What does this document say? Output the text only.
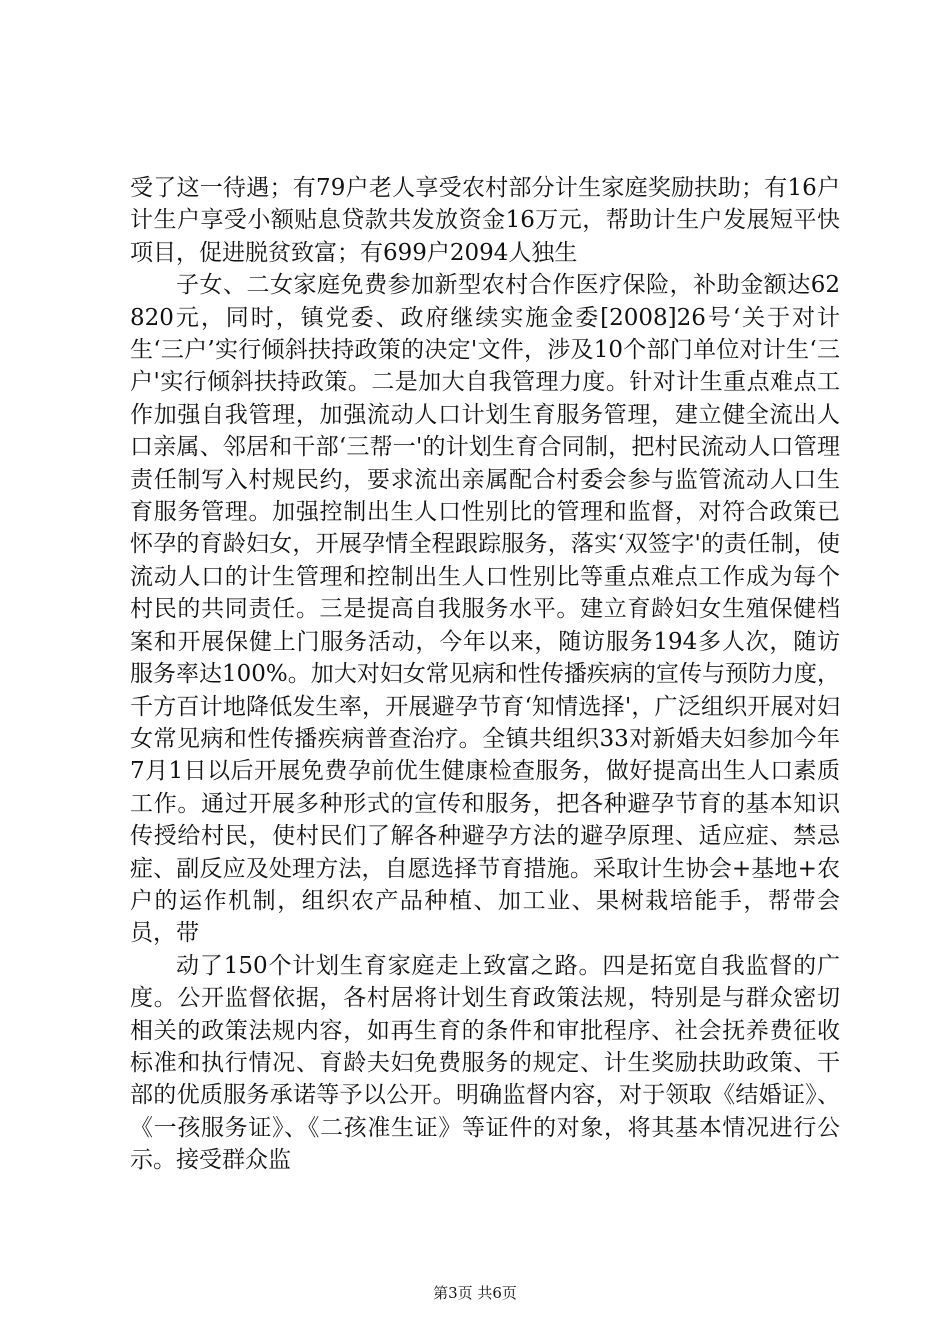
受了这一待遇；有79户老人享受农村部分计生家庭奖励扶助；有16户计生户享受小额贴息贷款共发放资金16万元，帮助计生户发展短平快项目，促进脱贫致富；有699户2094人独生

子女、二女家庭免费参加新型农村合作医疗保险，补助金额达62820元，同时，镇党委、政府继续实施金委[2008]26号‘关于对计生‘三户’实行倾斜扶持政策的决定'文件，涉及10个部门单位对计生‘三户'实行倾斜扶持政策。二是加大自我管理力度。针对计生重点难点工作加强自我管理，加强流动人口计划生育服务管理，建立健全流出人口亲属、邻居和干部‘三帮一'的计划生育合同制，把村民流动人口管理责任制写入村规民约，要求流出亲属配合村委会参与监管流动人口生育服务管理。加强控制出生人口性别比的管理和监督，对符合政策已怀孕的育龄妇女，开展孕情全程跟踪服务，落实‘双签字'的责任制，使流动人口的计生管理和控制出生人口性别比等重点难点工作成为每个村民的共同责任。三是提高自我服务水平。建立育龄妇女生殖保健档案和开展保健上门服务活动，今年以来，随访服务194多人次，随访服务率达100%。加大对妇女常见病和性传播疾病的宣传与预防力度，千方百计地降低发生率，开展避孕节育‘知情选择'，广泛组织开展对妇女常见病和性传播疾病普查治疗。全镇共组织33对新婚夫妇参加今年7月1日以后开展免费孕前优生健康检查服务，做好提高出生人口素质工作。通过开展多种形式的宣传和服务，把各种避孕节育的基本知识传授给村民，使村民们了解各种避孕方法的避孕原理、适应症、禁忌症、副反应及处理方法，自愿选择节育措施。采取计生协会+基地+农户的运作机制，组织农产品种植、加工业、果树栽培能手，帮带会员，带

动了150个计划生育家庭走上致富之路。四是拓宽自我监督的广度。公开监督依据，各村居将计划生育政策法规，特别是与群众密切相关的政策法规内容，如再生育的条件和审批程序、社会抚养费征收标准和执行情况、育龄夫妇免费服务的规定、计生奖励扶助政策、干部的优质服务承诺等予以公开。明确监督内容，对于领取《结婚证》、《一孩服务证》、《二孩准生证》等证件的对象，将其基本情况进行公示。接受群众监

第3页 共6页
